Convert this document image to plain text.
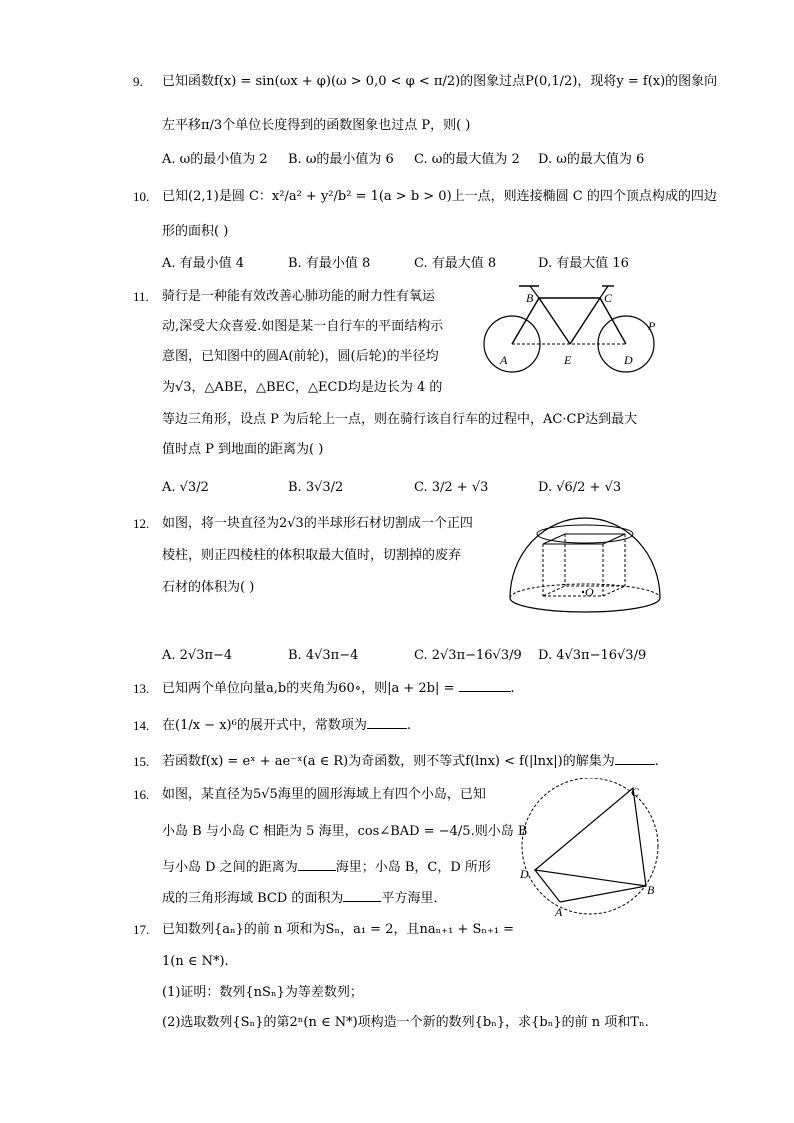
9. 已知函数f(x) = sin(ωx + φ)(ω > 0,0 < φ < π/2)的图象过点P(0,1/2)，现将y = f(x)的图象向
左平移π/3个单位长度得到的函数图象也过点 P，则( )
A. ω的最小值为 2 B. ω的最小值为 6 C. ω的最大值为 2 D. ω的最大值为 6
10. 已知(2,1)是圆 C：x²/a² + y²/b² = 1(a > b > 0)上一点，则连接椭圆 C 的四个顶点构成的四边
形的面积( )
A. 有最小值 4	B. 有最小值 8	C. 有最大值 8	D. 有最大值 16
11. 骑行是一种能有效改善心肺功能的耐力性有氧运
动,深受大众喜爱.如图是某一自行车的平面结构示
意图，已知图中的圆A(前轮)，圆(后轮)的半径均
为√3，△ABE，△BEC，△ECD均是边长为 4 的
等边三角形，设点 P 为后轮上一点，则在骑行该自行车的过程中，AC·CP达到最大
值时点 P 到地面的距离为( )
A. √3/2	B. 3√3/2	C. 3/2 + √3	D. √6/2 + √3
B	C
P
A	E	D
12. 如图，将一块直径为2√3的半球形石材切割成一个正四
棱柱，则正四棱柱的体积取最大值时，切割掉的废弃
石材的体积为( )
A. 2√3π−4	B. 4√3π−4	C. 2√3π−16√3/9 D. 4√3π−16√3/9
O
13. 已知两个单位向量a,b的夹角为60∘，则|a + 2b| =	.
14. 在(1/x − x)⁶的展开式中，常数项为	.
15. 若函数f(x) = eˣ + ae⁻ˣ(a ∈ R)为奇函数，则不等式f(lnx) < f(|lnx|)的解集为	.
16. 如图，某直径为5√5海里的圆形海域上有四个小岛，已知
小岛 B 与小岛 C 相距为 5 海里，cos∠BAD = −4/5.则小岛 B
与小岛 D 之间的距离为	海里；小岛 B，C，D 所形
成的三角形海域 BCD 的面积为	平方海里．
C
D
B
A
17. 已知数列{aₙ}的前 n 项和为Sₙ，a₁ = 2，且naₙ₊₁ + Sₙ₊₁ =
1(n ∈ N*).
(1)证明：数列{nSₙ}为等差数列；
(2)选取数列{Sₙ}的第2ⁿ(n ∈ N*)项构造一个新的数列{bₙ}，求{bₙ}的前 n 项和Tₙ.
